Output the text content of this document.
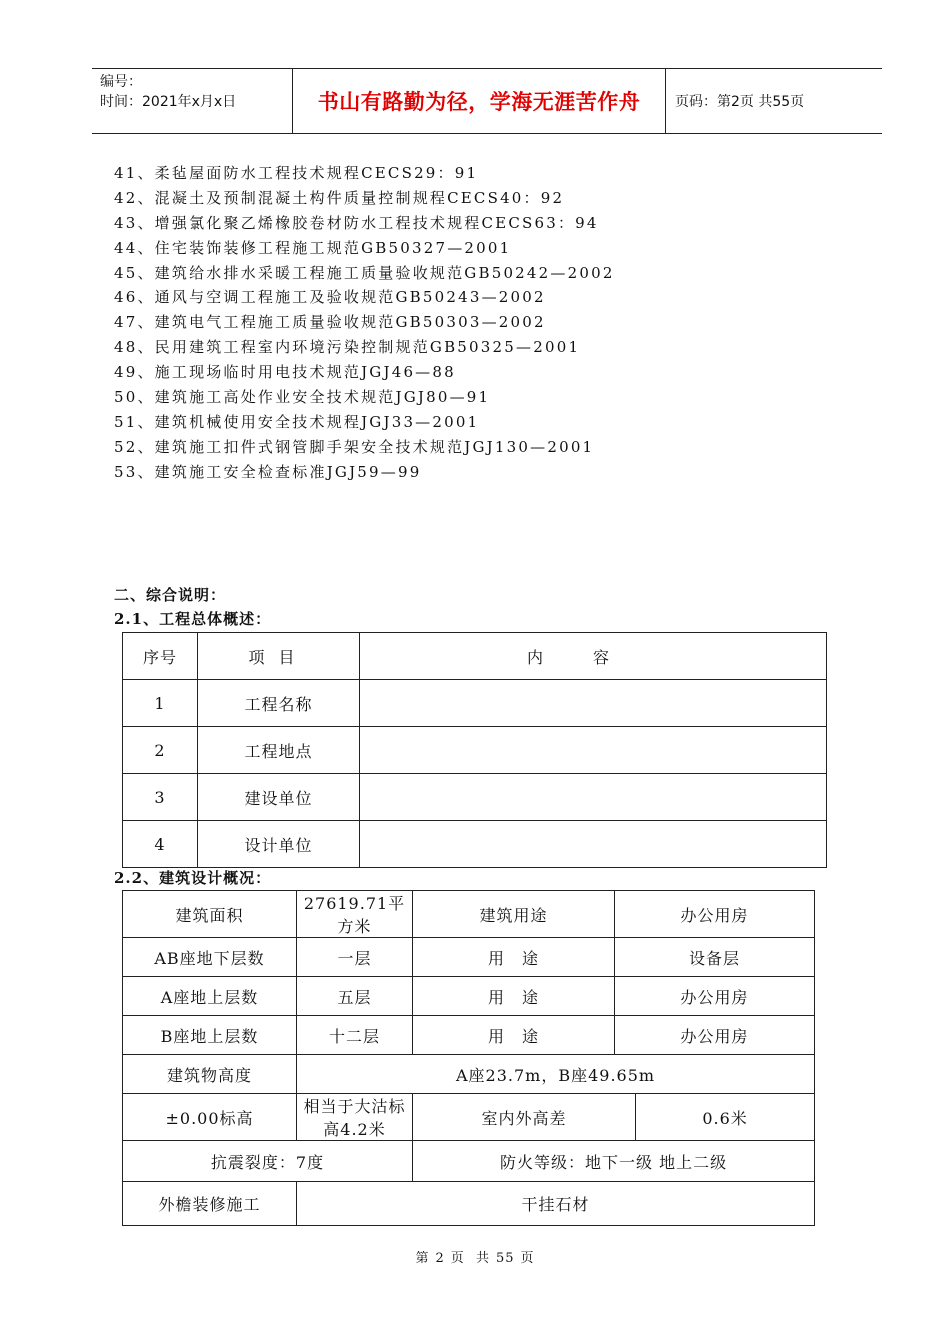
编号：
时间：2021年x月x日	书山有路勤为径，学海无涯苦作舟 页码：第2页 共55页
41、柔毡屋面防水工程技术规程CECS29：91
42、混凝土及预制混凝土构件质量控制规程CECS40：92
43、增强氯化聚乙烯橡胶卷材防水工程技术规程CECS63：94
44、住宅装饰装修工程施工规范GB50327—2001
45、建筑给水排水采暖工程施工质量验收规范GB50242—2002
46、通风与空调工程施工及验收规范GB50243—2002
47、建筑电气工程施工质量验收规范GB50303—2002
48、民用建筑工程室内环境污染控制规范GB50325—2001
49、施工现场临时用电技术规范JGJ46—88
50、建筑施工高处作业安全技术规范JGJ80—91
51、建筑机械使用安全技术规程JGJ33—2001
52、建筑施工扣件式钢管脚手架安全技术规范JGJ130—2001
53、建筑施工安全检查标准JGJ59—99
二、综合说明：
2.1、工程总体概述：
序号	项目	内容
1	工程名称	
2	工程地点	
3	建设单位	
4	设计单位	
2.2、建筑设计概况：
建筑面积	27619.71平方米	建筑用途	办公用房	
AB座地下层数	一层	用　途	设备层	
A座地上层数	五层	用　途	办公用房	
B座地上层数	十二层	用　途	办公用房	
建筑物高度	A座23.7m，B座49.65m			
±0.00标高	相当于大沽标高4.2米	室内外高差		0.6米
抗震裂度：7度		防火等级：地下一级 地上二级		
外檐装修施工	干挂石材			
第 2 页 共 55 页
